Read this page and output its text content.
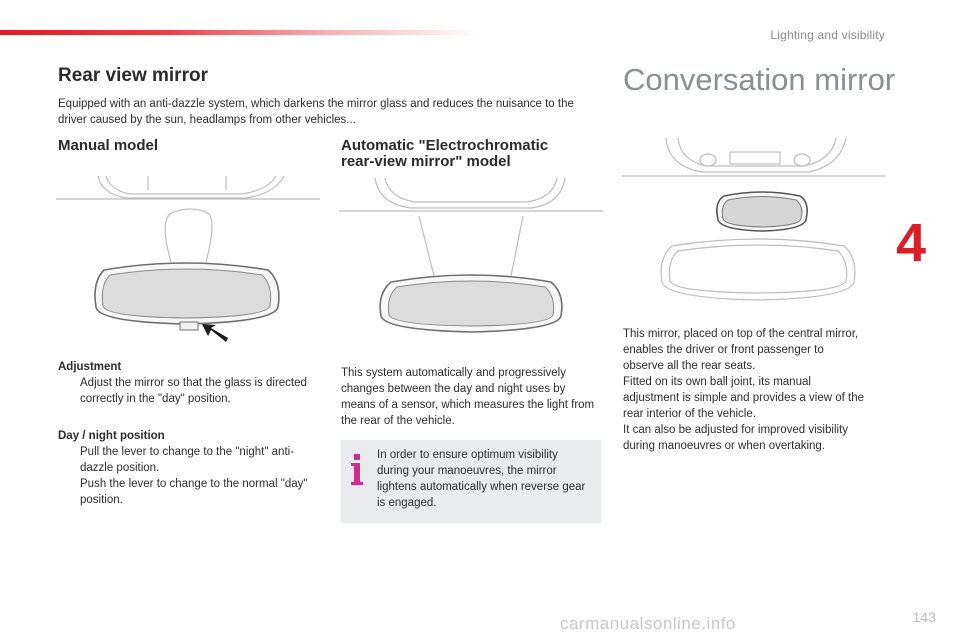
Lighting and visibility
4
Rear view mirror
Equipped with an anti-dazzle system, which darkens the mirror glass and reduces the nuisance to the driver caused by the sun, headlamps from other vehicles...
Manual model	Automatic "Electrochromatic
rear-view mirror" model
Adjustment
Adjust the mirror so that the glass is directed correctly in the "day" position.
Day / night position
Pull the lever to change to the "night" anti-dazzle position.
Push the lever to change to the normal "day" position.
This system automatically and progressively changes between the day and night uses by means of a sensor, which measures the light from the rear of the vehicle.
In order to ensure optimum visibility during your manoeuvres, the mirror lightens automatically when reverse gear is engaged.
Conversation mirror
This mirror, placed on top of the central mirror,
enables the driver or front passenger to
observe all the rear seats.
Fitted on its own ball joint, its manual
adjustment is simple and provides a view of the
rear interior of the vehicle.
It can also be adjusted for improved visibility
during manoeuvres or when overtaking.
carmanualsonline.info	143
